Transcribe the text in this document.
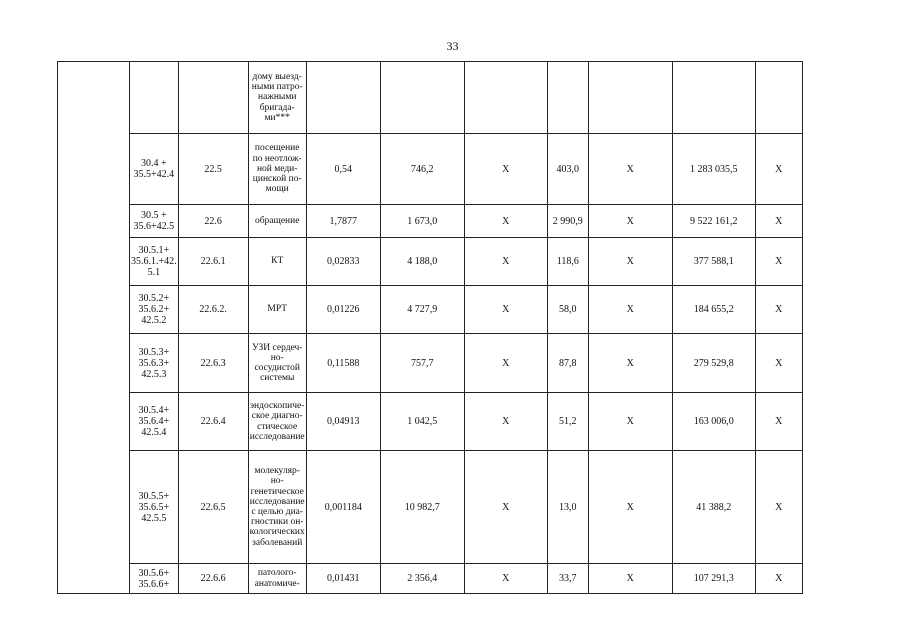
33
			дому выезд-ными патро-нажными бригада-ми***							
	30.4 + 35.5+42.4	22.5	посещение по неотлож-ной меди-цинской по-мощи	0,54	746,2	Х	403,0	Х	1 283 035,5	Х
	30.5 + 35.6+42.5	22.6	обращение	1,7877	1 673,0	Х	2 990,9	Х	9 522 161,2	Х
	30.5.1+ 35.6.1.+42. 5.1	22.6.1	КТ	0,02833	4 188,0	Х	118,6	Х	377 588,1	Х
	30.5.2+ 35.6.2+ 42.5.2	22.6.2.	МРТ	0,01226	4 727,9	Х	58,0	Х	184 655,2	Х
	30.5.3+ 35.6.3+ 42.5.3	22.6.3	УЗИ сердеч-но-сосудистой системы	0,11588	757,7	Х	87,8	Х	279 529,8	Х
	30.5.4+ 35.6.4+ 42.5.4	22.6.4	эндоскопиче-ское диагно-стическое исследование	0,04913	1 042,5	Х	51,2	Х	163 006,0	Х
	30.5.5+ 35.6.5+ 42.5.5	22.6.5	молекуляр-но-генетическое исследование с целью диа-гностики он-кологических заболеваний	0,001184	10 982,7	Х	13,0	Х	41 388,2	Х
	30.5.6+ 35.6.6+	22.6.6	патолого-анатомиче-	0,01431	2 356,4	Х	33,7	Х	107 291,3	Х
